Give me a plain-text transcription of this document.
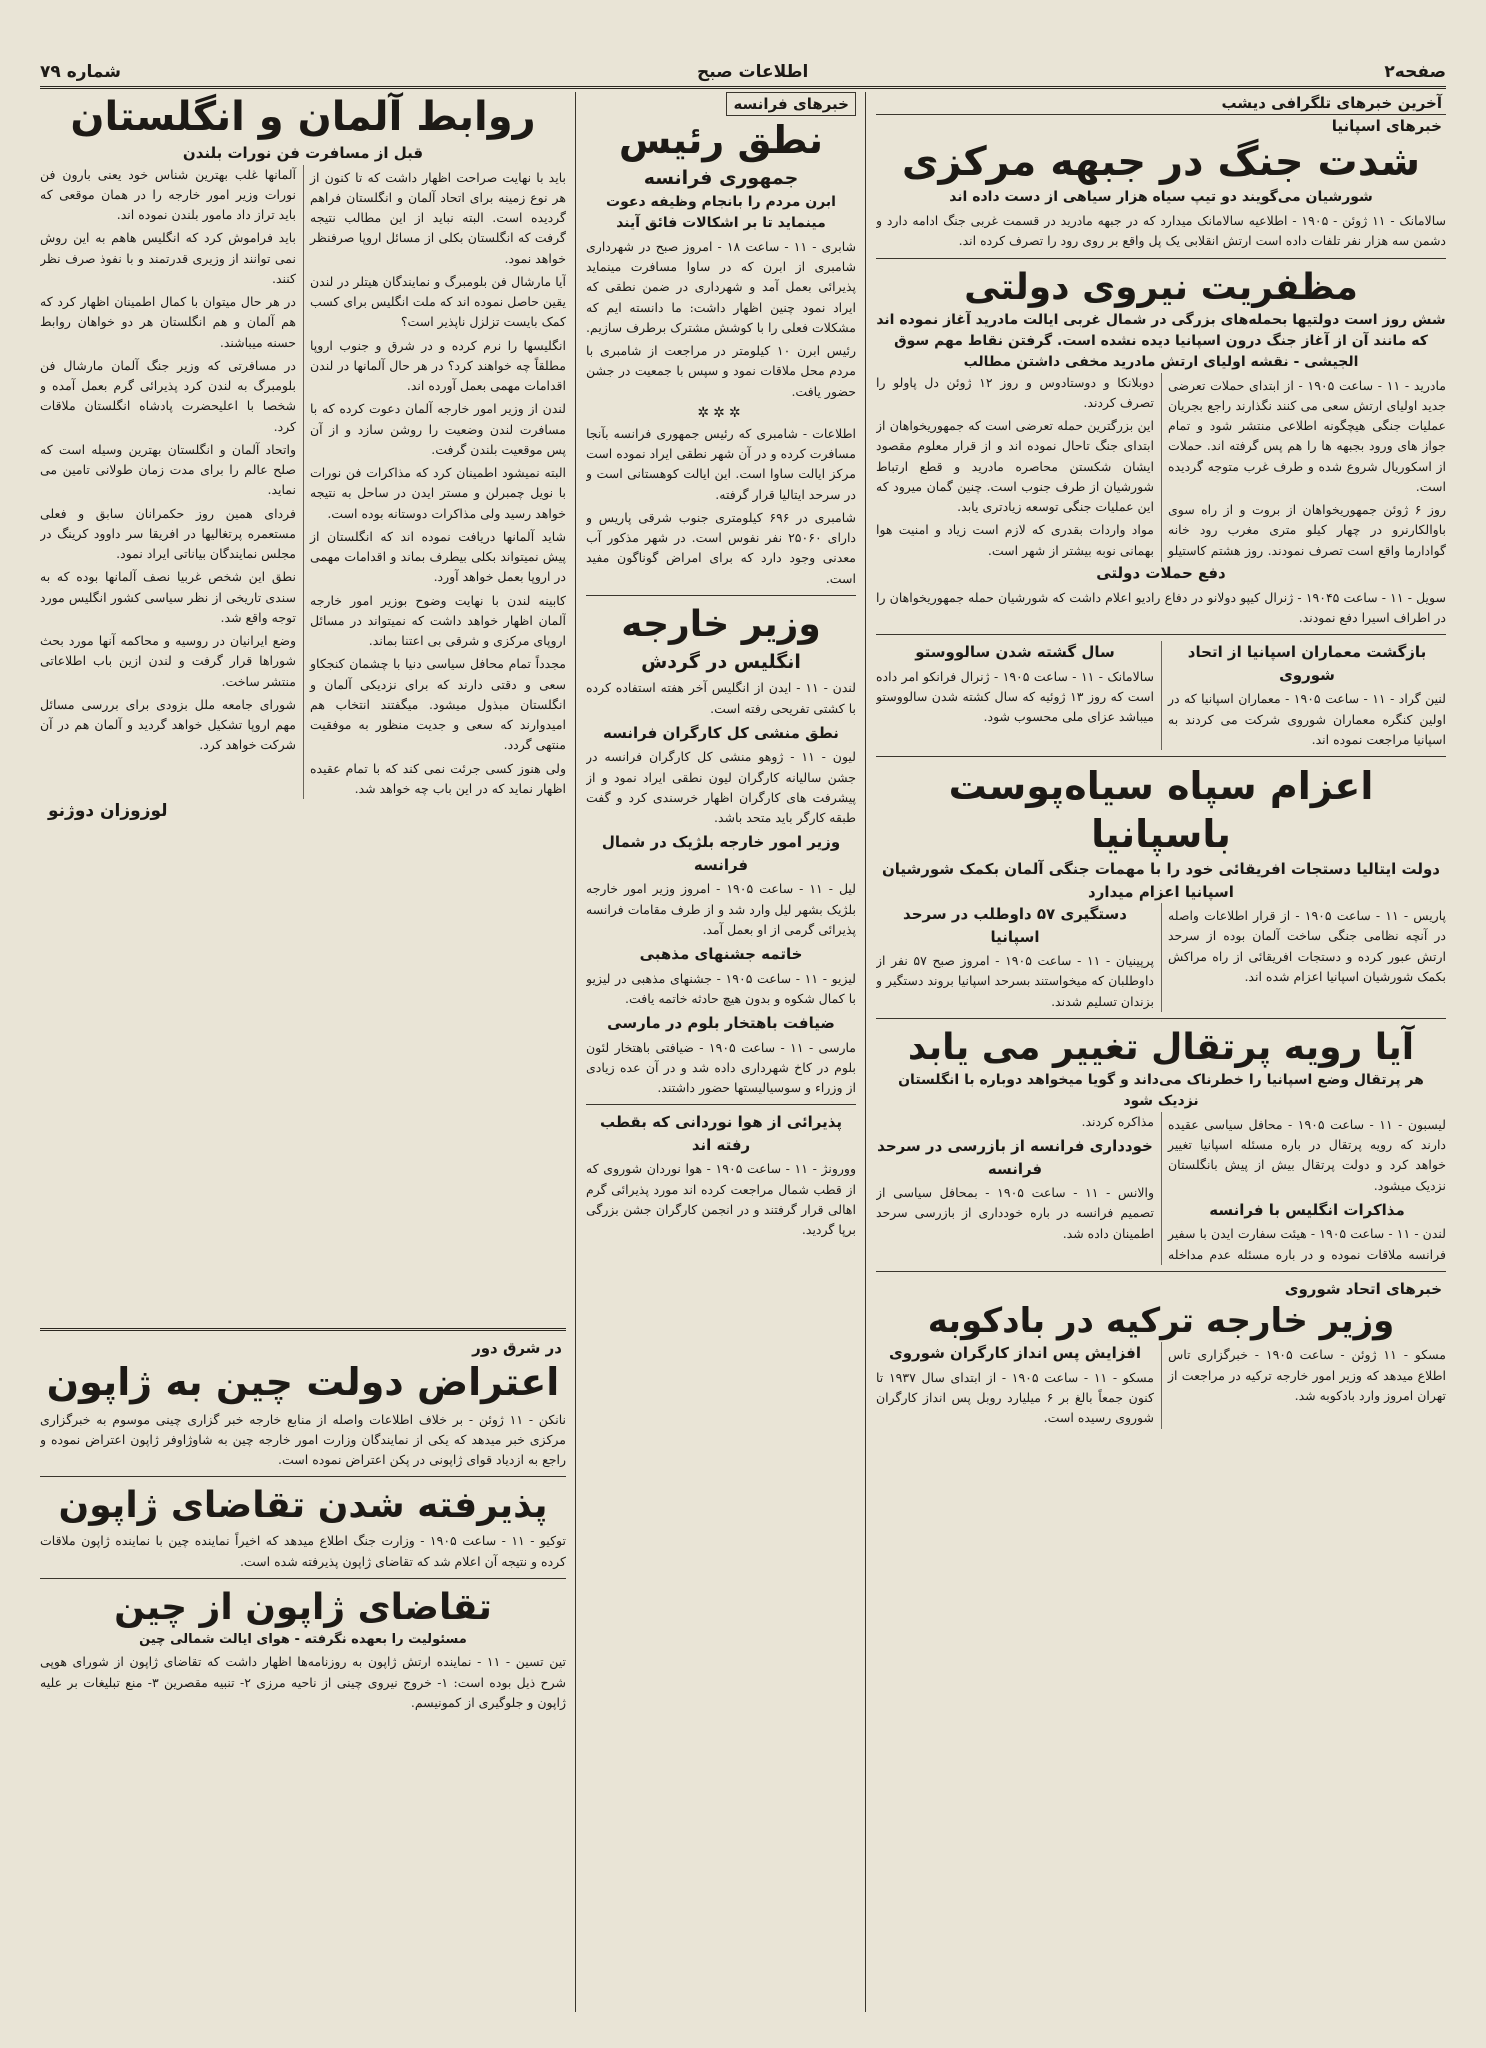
صفحه۲
اطلاعات صبح
شماره ۷۹
آخرین خبرهای تلگرافی دیشب
خبرهای اسپانیا
شدت جنگ در جبهه مرکزی
شورشیان می‌گویند دو تیپ سیاه هزار سیاهی از دست داده اند

سالامانک - ۱۱ ژوئن - ۱۹۰۵ - اطلاعیه سالامانک میدارد که در جبهه مادرید در قسمت غربی جنگ ادامه دارد و دشمن سه هزار نفر تلفات داده است ارتش انقلابی یک پل واقع بر روی رود را تصرف کرده اند.

مظفریت نیروی دولتی
شش روز است دولتیها بحمله‌های بزرگی در شمال غربی ایالت مادرید آغاز نموده اند که مانند آن از آغاز جنگ درون اسپانیا دیده نشده است. گرفتن نقاط مهم سوق الجیشی - نقشه اولیای ارتش مادرید مخفی داشتن مطالب

مادرید - ۱۱ - ساعت ۱۹۰۵ - از ابتدای حملات تعرضی جدید اولیای ارتش سعی می کنند نگذارند راجع بجریان عملیات جنگی هیچگونه اطلاعی منتشر شود و تمام جواز های ورود بجبهه ها را هم پس گرفته اند. حملات از اسکوریال شروع شده و طرف غرب متوجه گردیده است.

روز ۶ ژوئن جمهوریخواهان از بروت و از راه سوی باوالکارنرو در چهار کیلو متری مغرب رود خانه گوادارما واقع است تصرف نمودند. روز هشتم کاستیلو دوبلانکا و دوستادوس و روز ۱۲ ژوئن دل پاولو را تصرف کردند.

این بزرگترین حمله تعرضی است که جمهوریخواهان از ابتدای جنگ تاحال نموده اند و از قرار معلوم مقصود ایشان شکستن محاصره مادرید و قطع ارتباط شورشیان از طرف جنوب است. چنین گمان میرود که این عملیات جنگی توسعه زیادتری یابد.

مواد واردات بقدری که لازم است زیاد و امنیت هوا بهمانی نوبه بیشتر از شهر است.

دفع حملات دولتی

سویل - ۱۱ - ساعت ۱۹۰۴۵ - ژنرال کیپو دولانو در دفاع رادیو اعلام داشت که شورشیان حمله جمهوریخواهان را در اطراف اسیرا دفع نمودند.

بازگشت معماران اسپانیا از اتحاد شوروی

لنین گراد - ۱۱ - ساعت ۱۹۰۵ - معماران اسپانیا که در اولین کنگره معماران شوروی شرکت می کردند به اسپانیا مراجعت نموده اند.

سال گشته شدن سالووستو

سالامانک - ۱۱ - ساعت ۱۹۰۵ - ژنرال فرانکو امر داده است که روز ۱۳ ژوئیه که سال کشته شدن سالووستو میباشد عزای ملی محسوب شود.

اعزام سپاه سیاه‌پوست باسپانیا
دولت ایتالیا دستجات افریقائی خود را با مهمات جنگی آلمان بکمک شورشیان اسپانیا اعزام میدارد

پاریس - ۱۱ - ساعت ۱۹۰۵ - از قرار اطلاعات واصله در آنچه نظامی جنگی ساخت آلمان بوده از سرحد ارتش عبور کرده و دستجات افریقائی از راه مراکش بکمک شورشیان اسپانیا اعزام شده اند.

دستگیری ۵۷ داوطلب در سرحد اسپانیا

پرپینیان - ۱۱ - ساعت ۱۹۰۵ - امروز صبح ۵۷ نفر از داوطلبان که میخواستند بسرحد اسپانیا بروند دستگیر و بزندان تسلیم شدند.

آیا رویه پرتقال تغییر می یابد
هر پرتقال وضع اسپانیا را خطرناک می‌داند و گویا میخواهد دوباره با انگلستان نزدیک شود

لیسبون - ۱۱ - ساعت ۱۹۰۵ - محافل سیاسی عقیده دارند که رویه پرتقال در باره مسئله اسپانیا تغییر خواهد کرد و دولت پرتقال بیش از پیش بانگلستان نزدیک میشود.

مذاکرات انگلیس با فرانسه

لندن - ۱۱ - ساعت ۱۹۰۵ - هیئت سفارت ایدن با سفیر فرانسه ملاقات نموده و در باره مسئله عدم مداخله مذاکره کردند.

خودداری فرانسه از بازرسی در سرحد فرانسه

والانس - ۱۱ - ساعت ۱۹۰۵ - بمحافل سیاسی از تصمیم فرانسه در باره خودداری از بازرسی سرحد اطمینان داده شد.

خبرهای اتحاد شوروی
وزیر خارجه ترکیه در بادکوبه

مسکو - ۱۱ ژوئن - ساعت ۱۹۰۵ - خبرگزاری تاس اطلاع میدهد که وزیر امور خارجه ترکیه در مراجعت از تهران امروز وارد بادکوبه شد.

افزایش پس انداز کارگران شوروی

مسکو - ۱۱ - ساعت ۱۹۰۵ - از ابتدای سال ۱۹۳۷ تا کنون جمعاً بالغ بر ۶ میلیارد روبل پس انداز کارگران شوروی رسیده است.

خبرهای فرانسه
نطق رئیس
جمهوری فرانسه
ابرن مردم را بانجام وظیفه دعوت مینماید تا بر اشکالات فائق آیند

شابری - ۱۱ - ساعت ۱۸ - امروز صبح در شهرداری شامبری از ابرن که در ساوا مسافرت مینماید پذیرائی بعمل آمد و شهرداری در ضمن نطقی که ایراد نمود چنین اظهار داشت: ما دانسته ایم که مشکلات فعلی را با کوشش مشترک برطرف سازیم.

رئیس ابرن ۱۰ کیلومتر در مراجعت از شامبری با مردم محل ملاقات نمود و سپس با جمعیت در جشن حضور یافت.

✲✲✲

اطلاعات - شامبری که رئیس جمهوری فرانسه بآنجا مسافرت کرده و در آن شهر نطقی ایراد نموده است مرکز ایالت ساوا است. این ایالت کوهستانی است و در سرحد ایتالیا قرار گرفته.

شامبری در ۶۹۶ کیلومتری جنوب شرقی پاریس و دارای ۲۵۰۶۰ نفر نفوس است. در شهر مذکور آب معدنی وجود دارد که برای امراض گوناگون مفید است.

وزیر خارجه
انگلیس در گردش

لندن - ۱۱ - ایدن از انگلیس آخر هفته استفاده کرده با کشتی تفریحی رفته است.

نطق منشی کل کارگران فرانسه

لیون - ۱۱ - ژوهو منشی کل کارگران فرانسه در جشن سالیانه کارگران لیون نطقی ایراد نمود و از پیشرفت های کارگران اظهار خرسندی کرد و گفت طبقه کارگر باید متحد باشد.

وزیر امور خارجه بلژیک در شمال فرانسه

لیل - ۱۱ - ساعت ۱۹۰۵ - امروز وزیر امور خارجه بلژیک بشهر لیل وارد شد و از طرف مقامات فرانسه پذیرائی گرمی از او بعمل آمد.

خاتمه جشنهای مذهبی

لیزیو - ۱۱ - ساعت ۱۹۰۵ - جشنهای مذهبی در لیزیو با کمال شکوه و بدون هیچ حادثه خاتمه یافت.

ضیافت باهتخار بلوم در مارسی

مارسی - ۱۱ - ساعت ۱۹۰۵ - ضیافتی باهتخار لئون بلوم در کاخ شهرداری داده شد و در آن عده زیادی از وزراء و سوسیالیستها حضور داشتند.

پذیرائی از هوا نوردانی که بقطب رفته اند

وورونژ - ۱۱ - ساعت ۱۹۰۵ - هوا نوردان شوروی که از قطب شمال مراجعت کرده اند مورد پذیرائی گرم اهالی قرار گرفتند و در انجمن کارگران جشن بزرگی برپا گردید.

روابط آلمان و انگلستان
قبل از مسافرت فن نورات بلندن

باید با نهایت صراحت اظهار داشت که تا کنون از هر نوع زمینه برای اتحاد آلمان و انگلستان فراهم گردیده است. البته نباید از این مطالب نتیجه گرفت که انگلستان بکلی از مسائل اروپا صرفنظر خواهد نمود.

آیا مارشال فن بلومبرگ و نمایندگان هیتلر در لندن یقین حاصل نموده اند که ملت انگلیس برای کسب کمک بایست تزلزل ناپذیر است؟

انگلیسها را نرم کرده و در شرق و جنوب اروپا مطلقاً چه خواهند کرد؟ در هر حال آلمانها در لندن اقدامات مهمی بعمل آورده اند.

لندن از وزیر امور خارجه آلمان دعوت کرده که با مسافرت لندن وضعیت را روشن سازد و از آن پس موقعیت بلندن گرفت.

البته نمیشود اطمینان کرد که مذاکرات فن نورات با نویل چمبرلن و مستر ایدن در ساحل به نتیجه خواهد رسید ولی مذاکرات دوستانه بوده است.

شاید آلمانها دریافت نموده اند که انگلستان از پیش نمیتواند بکلی بیطرف بماند و اقدامات مهمی در اروپا بعمل خواهد آورد.

کابینه لندن با نهایت وضوح بوزیر امور خارجه آلمان اظهار خواهد داشت که نمیتواند در مسائل اروپای مرکزی و شرقی بی اعتنا بماند.

مجدداً تمام محافل سیاسی دنیا با چشمان کنجکاو سعی و دقتی دارند که برای نزدیکی آلمان و انگلستان مبذول میشود. میگفتند انتخاب هم امیدوارند که سعی و جدیت منظور به موفقیت منتهی گردد.

ولی هنوز کسی جرئت نمی کند که با تمام عقیده اظهار نماید که در این باب چه خواهد شد.

آلمانها غلب بهترین شناس خود یعنی بارون فن نورات وزیر امور خارجه را در همان موقعی که باید تراز داد مامور بلندن نموده اند.

باید فراموش کرد که انگلیس هاهم به این روش نمی توانند از وزیری قدرتمند و با نفوذ صرف نظر کنند.

در هر حال میتوان با کمال اطمینان اظهار کرد که هم آلمان و هم انگلستان هر دو خواهان روابط حسنه میباشند.

در مسافرتی که وزیر جنگ آلمان مارشال فن بلومبرگ به لندن کرد پذیرائی گرم بعمل آمده و شخصا با اعلیحضرت پادشاه انگلستان ملاقات کرد.

واتحاد آلمان و انگلستان بهترین وسیله است که صلح عالم را برای مدت زمان طولانی تامین می نماید.

فردای همین روز حکمرانان سابق و فعلی مستعمره پرتغالیها در افریقا سر داوود کرینگ در مجلس نمایندگان بیاناتی ایراد نمود.

نطق این شخص غربیا نصف آلمانها بوده که به سندی تاریخی از نظر سیاسی کشور انگلیس مورد توجه واقع شد.

وضع ایرانیان در روسیه و محاکمه آنها مورد بحث شوراها قرار گرفت و لندن ازین باب اطلاعاتی منتشر ساخت.

شورای جامعه ملل بزودی برای بررسی مسائل مهم اروپا تشکیل خواهد گردید و آلمان هم در آن شرکت خواهد کرد.

لوزوزان دوژنو
در شرق دور
اعتراض دولت چین به ژاپون

نانکن - ۱۱ ژوئن - بر خلاف اطلاعات واصله از منابع خارجه خبر گزاری چینی موسوم به خبرگزاری مرکزی خبر میدهد که یکی از نمایندگان وزارت امور خارجه چین به شاوژاوفر ژاپون اعتراض نموده و راجع به ازدیاد قوای ژاپونی در پکن اعتراض نموده است.

پذیرفته شدن تقاضای ژاپون

توکیو - ۱۱ - ساعت ۱۹۰۵ - وزارت جنگ اطلاع میدهد که اخیراً نماینده چین با نماینده ژاپون ملاقات کرده و نتیجه آن اعلام شد که تقاضای ژاپون پذیرفته شده است.

تقاضای ژاپون از چین
مسئولیت را بعهده نگرفته - هوای ایالت شمالی چین

تین تسین - ۱۱ - نماینده ارتش ژاپون به روزنامه‌ها اظهار داشت که تقاضای ژاپون از شورای هوپی شرح ذیل بوده است: ۱- خروج نیروی چینی از ناحیه مرزی ۲- تنبیه مقصرین ۳- منع تبلیغات بر علیه ژاپون و جلوگیری از کمونیسم.
